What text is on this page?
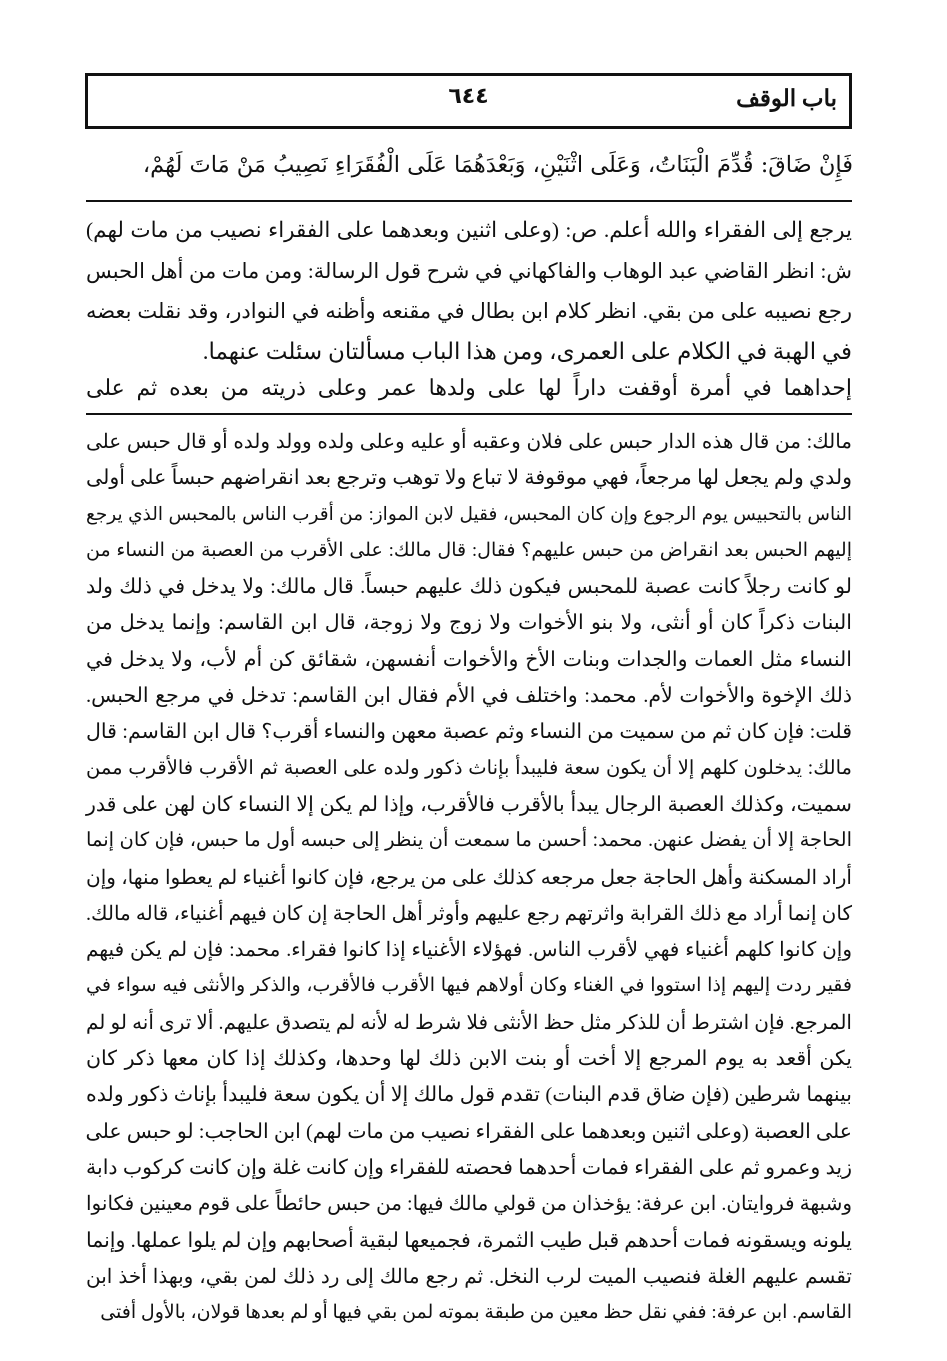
باب الوقف
٦٤٤
فَإِنْ ضَاقَ: قُدِّمَ الْبَنَاتُ، وَعَلَى اثْنَيْنِ، وَبَعْدَهُمَا عَلَى الْفُقَرَاءِ نَصِيبُ مَنْ مَاتَ لَهُمْ،
يرجع إلى الفقراء والله أعلم. ص: (وعلى اثنين وبعدهما على الفقراء نصيب من مات لهم)
ش: انظر القاضي عبد الوهاب والفاكهاني في شرح قول الرسالة: ومن مات من أهل الحبس
رجع نصيبه على من بقي. انظر كلام ابن بطال في مقنعه وأظنه في النوادر، وقد نقلت بعضه
في الهبة في الكلام على العمرى، ومن هذا الباب مسألتان سئلت عنهما.
إحداهما في أمرة أوقفت داراً لها على ولدها عمر وعلى ذريته من بعده ثم على
مالك: من قال هذه الدار حبس على فلان وعقبه أو عليه وعلى ولده وولد ولده أو قال حبس على
ولدي ولم يجعل لها مرجعاً، فهي موقوفة لا تباع ولا توهب وترجع بعد انقراضهم حبساً على أولى
الناس بالتحبيس يوم الرجوع وإن كان المحبس، فقيل لابن المواز: من أقرب الناس بالمحبس الذي يرجع
إليهم الحبس بعد انقراض من حبس عليهم؟ فقال: قال مالك: على الأقرب من العصبة من النساء من
لو كانت رجلاً كانت عصبة للمحبس فيكون ذلك عليهم حبساً. قال مالك: ولا يدخل في ذلك ولد
البنات ذكراً كان أو أنثى، ولا بنو الأخوات ولا زوج ولا زوجة، قال ابن القاسم: وإنما يدخل من
النساء مثل العمات والجدات وبنات الأخ والأخوات أنفسهن، شقائق كن أم لأب، ولا يدخل في
ذلك الإخوة والأخوات لأم. محمد: واختلف في الأم فقال ابن القاسم: تدخل في مرجع الحبس.
قلت: فإن كان ثم من سميت من النساء وثم عصبة معهن والنساء أقرب؟ قال ابن القاسم: قال
مالك: يدخلون كلهم إلا أن يكون سعة فليبدأ بإناث ذكور ولده على العصبة ثم الأقرب فالأقرب ممن
سميت، وكذلك العصبة الرجال يبدأ بالأقرب فالأقرب، وإذا لم يكن إلا النساء كان لهن على قدر
الحاجة إلا أن يفضل عنهن. محمد: أحسن ما سمعت أن ينظر إلى حبسه أول ما حبس، فإن كان إنما
أراد المسكنة وأهل الحاجة جعل مرجعه كذلك على من يرجع، فإن كانوا أغنياء لم يعطوا منها، وإن
كان إنما أراد مع ذلك القرابة واثرتهم رجع عليهم وأوثر أهل الحاجة إن كان فيهم أغنياء، قاله مالك.
وإن كانوا كلهم أغنياء فهي لأقرب الناس. فهؤلاء الأغنياء إذا كانوا فقراء. محمد: فإن لم يكن فيهم
فقير ردت إليهم إذا استووا في الغناء وكان أولاهم فيها الأقرب فالأقرب، والذكر والأنثى فيه سواء في
المرجع. فإن اشترط أن للذكر مثل حظ الأنثى فلا شرط له لأنه لم يتصدق عليهم. ألا ترى أنه لو لم
يكن أقعد به يوم المرجع إلا أخت أو بنت الابن ذلك لها وحدها، وكذلك إذا كان معها ذكر كان
بينهما شرطين (فإن ضاق قدم البنات) تقدم قول مالك إلا أن يكون سعة فليبدأ بإناث ذكور ولده
على العصبة (وعلى اثنين وبعدهما على الفقراء نصيب من مات لهم) ابن الحاجب: لو حبس على
زيد وعمرو ثم على الفقراء فمات أحدهما فحصته للفقراء وإن كانت غلة وإن كانت كركوب دابة
وشبهة فروايتان. ابن عرفة: يؤخذان من قولي مالك فيها: من حبس حائطاً على قوم معينين فكانوا
يلونه ويسقونه فمات أحدهم قبل طيب الثمرة، فجميعها لبقية أصحابهم وإن لم يلوا عملها. وإنما
تقسم عليهم الغلة فنصيب الميت لرب النخل. ثم رجع مالك إلى رد ذلك لمن بقي، وبهذا أخذ ابن
القاسم. ابن عرفة: ففي نقل حظ معين من طبقة بموته لمن بقي فيها أو لم بعدها قولان، بالأول أفتى
